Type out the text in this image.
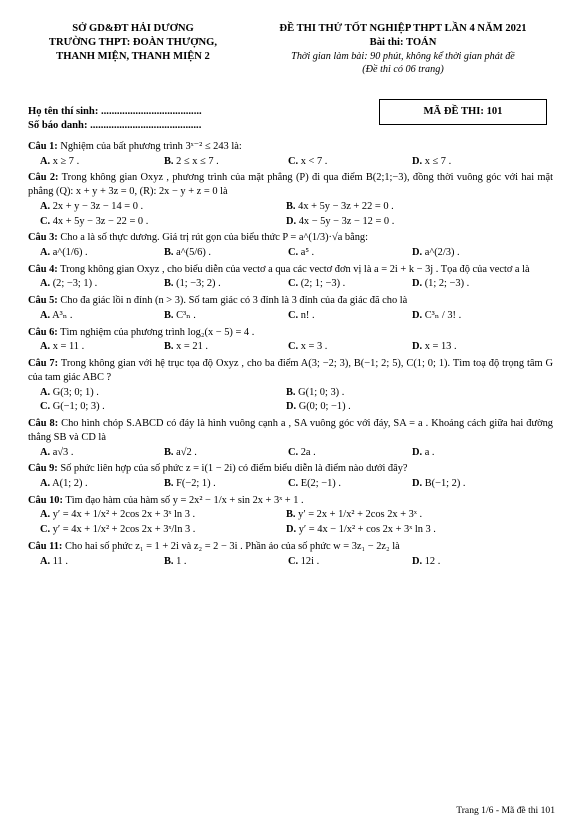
SỞ GD&ĐT HẢI DƯƠNG
TRƯỜNG THPT: ĐOÀN THƯỢNG,
THANH MIỆN, THANH MIỆN 2
ĐỀ THI THỬ TỐT NGHIỆP THPT LẦN 4 NĂM 2021
Bài thi: TOÁN
Thời gian làm bài: 90 phút, không kể thời gian phát đề
(Đề thi có 06 trang)
Họ tên thí sinh: ......................................
Số báo danh: ..........................................
MÃ ĐỀ THI: 101
Câu 1: Nghiệm của bất phương trình 3ˣ⁻² ≤ 243 là:
A. x ≥ 7 .	B. 2 ≤ x ≤ 7 .	C. x < 7 .	D. x ≤ 7 .
Câu 2: Trong không gian Oxyz , phương trình của mặt phẳng (P) đi qua điểm B(2;1;−3), đồng thời vuông góc với hai mặt phẳng (Q): x + y + 3z = 0, (R): 2x − y + z = 0 là
A. 2x + y − 3z − 14 = 0 .	B. 4x + 5y − 3z + 22 = 0 .
C. 4x + 5y − 3z − 22 = 0 .	D. 4x − 5y − 3z − 12 = 0 .
Câu 3: Cho a là số thực dương. Giá trị rút gọn của biểu thức P = a^(1/3)·√a bằng:
A. a^(1/6) .	B. a^(5/6) .	C. a⁵ .	D. a^(2/3) .
Câu 4: Trong không gian Oxyz , cho biểu diễn của vectơ a qua các vectơ đơn vị là a = 2i + k − 3j . Tọa độ của vectơ a là
A. (2; −3; 1) .	B. (1; −3; 2) .	C. (2; 1; −3) .	D. (1; 2; −3) .
Câu 5: Cho đa giác lồi n đỉnh (n > 3). Số tam giác có 3 đỉnh là 3 đỉnh của đa giác đã cho là
A. A³ₙ .	B. C³ₙ .	C. n! .	D. C³ₙ / 3! .
Câu 6: Tìm nghiệm của phương trình log₂(x − 5) = 4 .
A. x = 11 .	B. x = 21 .	C. x = 3 .	D. x = 13 .
Câu 7: Trong không gian với hệ trục tọa độ Oxyz , cho ba điểm A(3; −2; 3), B(−1; 2; 5), C(1; 0; 1). Tìm toạ độ trọng tâm G của tam giác ABC ?
A. G(3; 0; 1) .	B. G(1; 0; 3) .
C. G(−1; 0; 3) .	D. G(0; 0; −1) .
Câu 8: Cho hình chóp S.ABCD có đáy là hình vuông cạnh a , SA vuông góc với đáy, SA = a . Khoảng cách giữa hai đường thẳng SB và CD là
A. a√3 .	B. a√2 .	C. 2a .	D. a .
Câu 9: Số phức liên hợp của số phức z = i(1 − 2i) có điểm biểu diễn là điểm nào dưới đây?
A. A(1; 2) .	B. F(−2; 1) .	C. E(2; −1) .	D. B(−1; 2) .
Câu 10: Tìm đạo hàm của hàm số y = 2x² − 1/x + sin 2x + 3ˣ + 1 .
A. y′ = 4x + 1/x² + 2cos 2x + 3ˣ ln 3 .	B. y′ = 2x + 1/x² + 2cos 2x + 3ˣ .
C. y′ = 4x + 1/x² + 2cos 2x + 3ˣ/ln 3 .	D. y′ = 4x − 1/x² + cos 2x + 3ˣ ln 3 .
Câu 11: Cho hai số phức z₁ = 1 + 2i và z₂ = 2 − 3i . Phần ảo của số phức w = 3z₁ − 2z₂ là
A. 11 .	B. 1 .	C. 12i .	D. 12 .
Trang 1/6 - Mã đề thi 101
